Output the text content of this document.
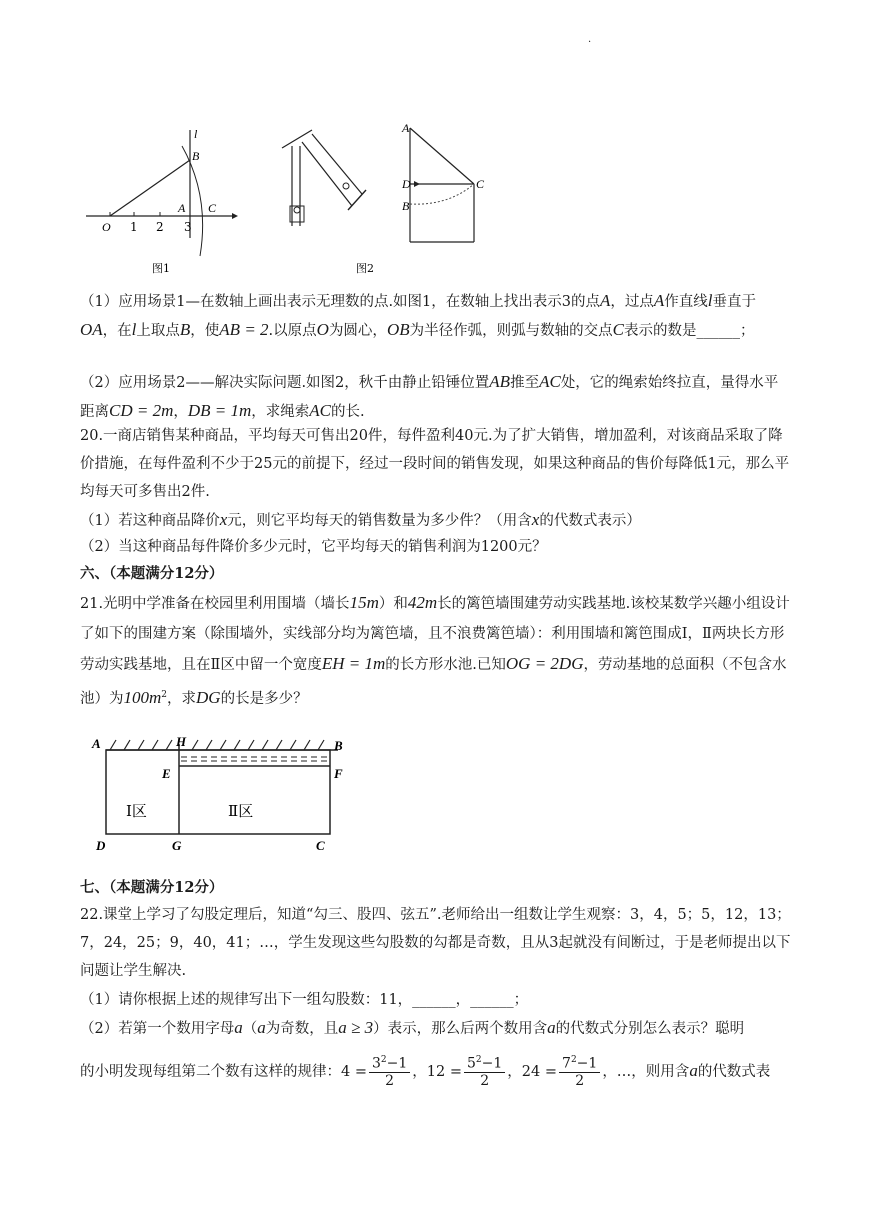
.
O 1 2 3
A
B
C
l
图1	图2
A
D
B
C

（1）应用场景1—在数轴上画出表示无理数的点.如图1，在数轴上找出表示3的点A，过点A作直线l垂直于OA，在l上取点B，使AB = 2.以原点O为圆心，OB为半径作弧，则弧与数轴的交点C表示的数是______；

（2）应用场景2——解决实际问题.如图2，秋千由静止铅锤位置AB推至AC处，它的绳索始终拉直，量得水平距离CD = 2m，DB = 1m，求绳索AC的长.

20.一商店销售某种商品，平均每天可售出20件，每件盈利40元.为了扩大销售，增加盈利，对该商品采取了降价措施，在每件盈利不少于25元的前提下，经过一段时间的销售发现，如果这种商品的售价每降低1元，那么平均每天可多售出2件.

（1）若这种商品降价x元，则它平均每天的销售数量为多少件？（用含x的代数式表示）

（2）当这种商品每件降价多少元时，它平均每天的销售利润为1200元？

六、（本题满分12分）

21.光明中学准备在校园里利用围墙（墙长15m）和42m长的篱笆墙围建劳动实践基地.该校某数学兴趣小组设计了如下的围建方案（除围墙外，实线部分均为篱笆墙，且不浪费篱笆墙）：利用围墙和篱笆围成Ⅰ，Ⅱ两块长方形劳动实践基地，且在Ⅱ区中留一个宽度EH = 1m的长方形水池.已知OG = 2DG，劳动基地的总面积（不包含水池）为$100m^2$，求DG的长是多少？

A	H	B
E	F
D	G	C
Ⅰ区	Ⅱ区

七、（本题满分12分）

22.课堂上学习了勾股定理后，知道“勾三、股四、弦五”.老师给出一组数让学生观察：3，4，5；5，12，13；7，24，25；9，40，41；…，学生发现这些勾股数的勾都是奇数，且从3起就没有间断过，于是老师提出以下问题让学生解决.

（1）请你根据上述的规律写出下一组勾股数：11，______，______；

（2）若第一个数用字母a（a为奇数，且a ≥ 3）表示，那么后两个数用含a的代数式分别怎么表示？聪明

的小明发现每组第二个数有这样的规律：$4 = \frac{3^2-1}{2}$ ，$12 = \frac{5^2-1}{2}$ ，$24 = \frac{7^2-1}{2}$ ，…，则用含a的代数式表
